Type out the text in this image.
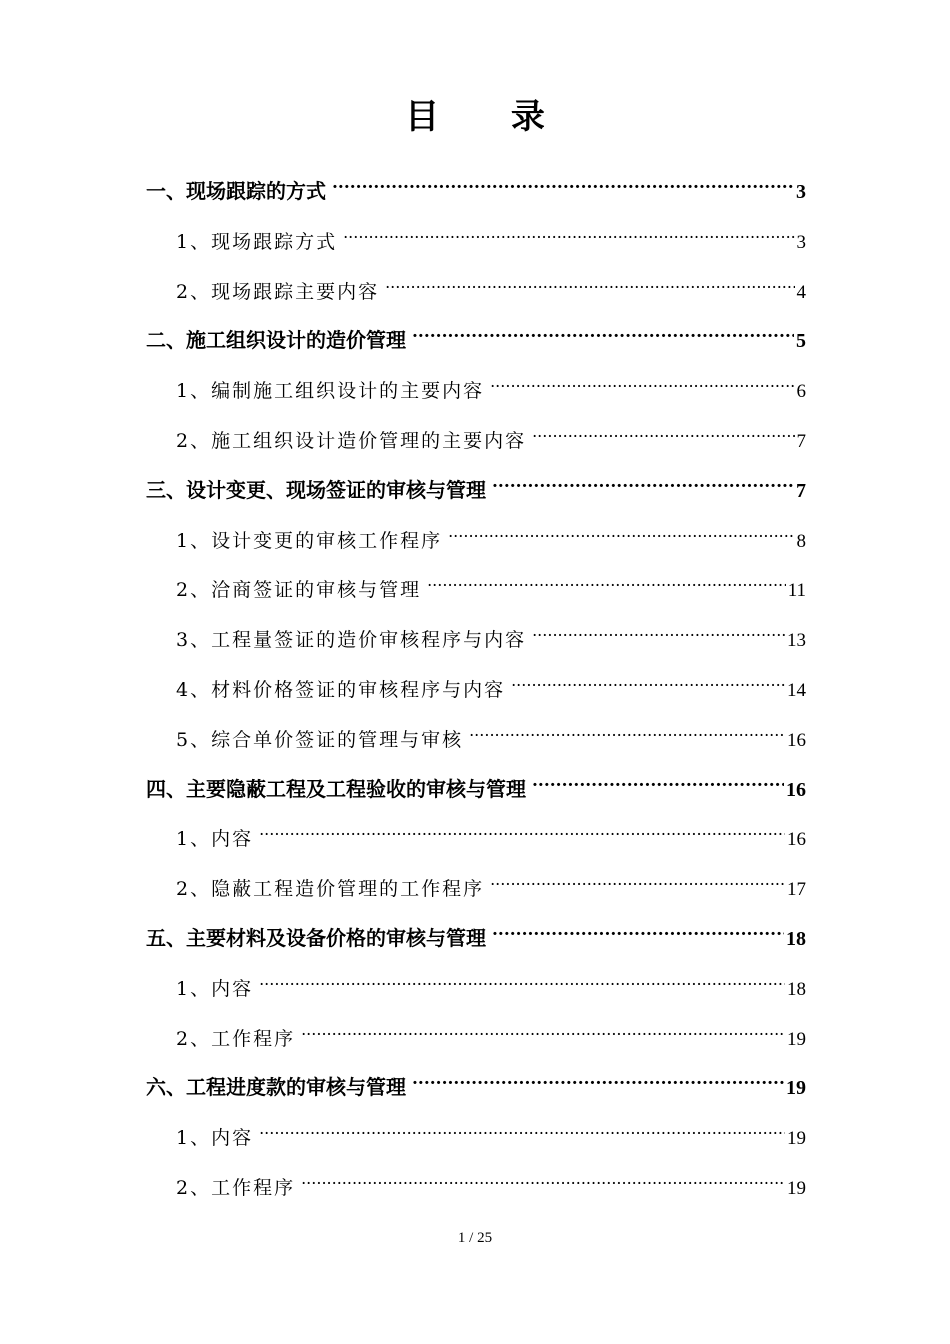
目 录
一、现场跟踪的方式 .....	3
1、现场跟踪方式 .....	3
2、现场跟踪主要内容 .....	4
二、施工组织设计的造价管理 .....	5
1、编制施工组织设计的主要内容 .....	6
2、施工组织设计造价管理的主要内容 .....	7
三、设计变更、现场签证的审核与管理 .....	7
1、设计变更的审核工作程序 .....	8
2、洽商签证的审核与管理 .....	11
3、工程量签证的造价审核程序与内容 .....	13
4、材料价格签证的审核程序与内容 .....	14
5、综合单价签证的管理与审核 .....	16
四、主要隐蔽工程及工程验收的审核与管理 .....	16
1、内容 .....	16
2、隐蔽工程造价管理的工作程序 .....	17
五、主要材料及设备价格的审核与管理 .....	18
1、内容 .....	18
2、工作程序 .....	19
六、工程进度款的审核与管理 .....	19
1、内容 .....	19
2、工作程序 .....	19
1 / 25
